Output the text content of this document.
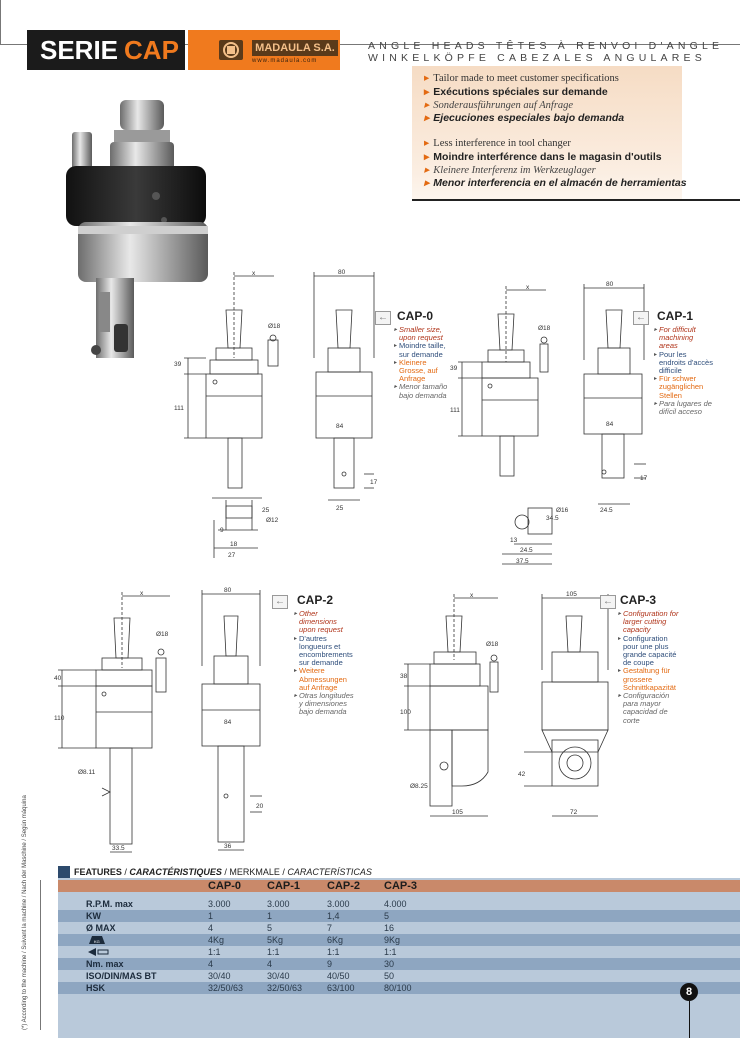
SERIE CAP	MADAULA S.A.
www.madaula.com
ANGLE HEADS TÊTES À RENVOI D'ANGLE
WINKELKÖPFE CABEZALES ANGULARES
▸ Tailor made to meet customer specifications
▸ Exécutions spéciales sur demande
▸ Sonderausführungen auf Anfrage
▸ Ejecuciones especiales bajo demanda
▸ Less interference in tool changer
▸ Moindre interférence dans le magasin d'outils
▸ Kleinere Interferenz im Werkzeuglager
▸ Menor interferencia en el almacén de herramientas
x
Ø18
39
111
25
Ø12
9
18
27
80
84
17
25
← CAP-0
▸ Smaller size, upon request
▸ Moindre taille, sur demande
▸ Kleinere Grosse, auf Anfrage
▸ Menor tamaño bajo demanda
x
Ø18
39
111
34.5
Ø16
13
24.5
37.5
80
84
17
24.5
← CAP-1
▸ For difficult machining areas
▸ Pour les endroits d'accès difficile
▸ Für schwer zugänglichen Stellen
▸ Para lugares de difícil acceso
x
Ø18
40
110
Ø8.11
33.5
80
84
20
36
← CAP-2
▸ Other dimensions upon request
▸ D'autres longueurs et encombrements sur demande
▸ Weitere Abmessungen auf Anfrage
▸ Otras longitudes y dimensiones bajo demanda
x
Ø18
38
100
Ø8.25
105
105
42
72
← CAP-3
▸ Configuration for larger cutting capacity
▸ Configuration pour une plus grande capacité de coupe
▸ Gestaltung für grossere Schnittkapazität
▸ Configuración para mayor capacidad de corte
FEATURES / CARACTÉRISTIQUES / MERKMALE / CARACTERÍSTICAS
CAP-0 CAP-1 CAP-2 CAP-3
R.P.M. max	3.000	3.000	3.000	4.000
KW	1	1	1,4	5
Ø MAX	4	5	7	16
KG	4Kg	5Kg	6Kg	9Kg
1:1	1:1	1:1	1:1
Nm. max	4	4	9	30
ISO/DIN/MAS BT	30/40	30/40	40/50	50
HSK	32/50/63	32/50/63	63/100	80/100
(*) According to the machine / Suivant la machine / Nach der Maschine / Según máquina	8
